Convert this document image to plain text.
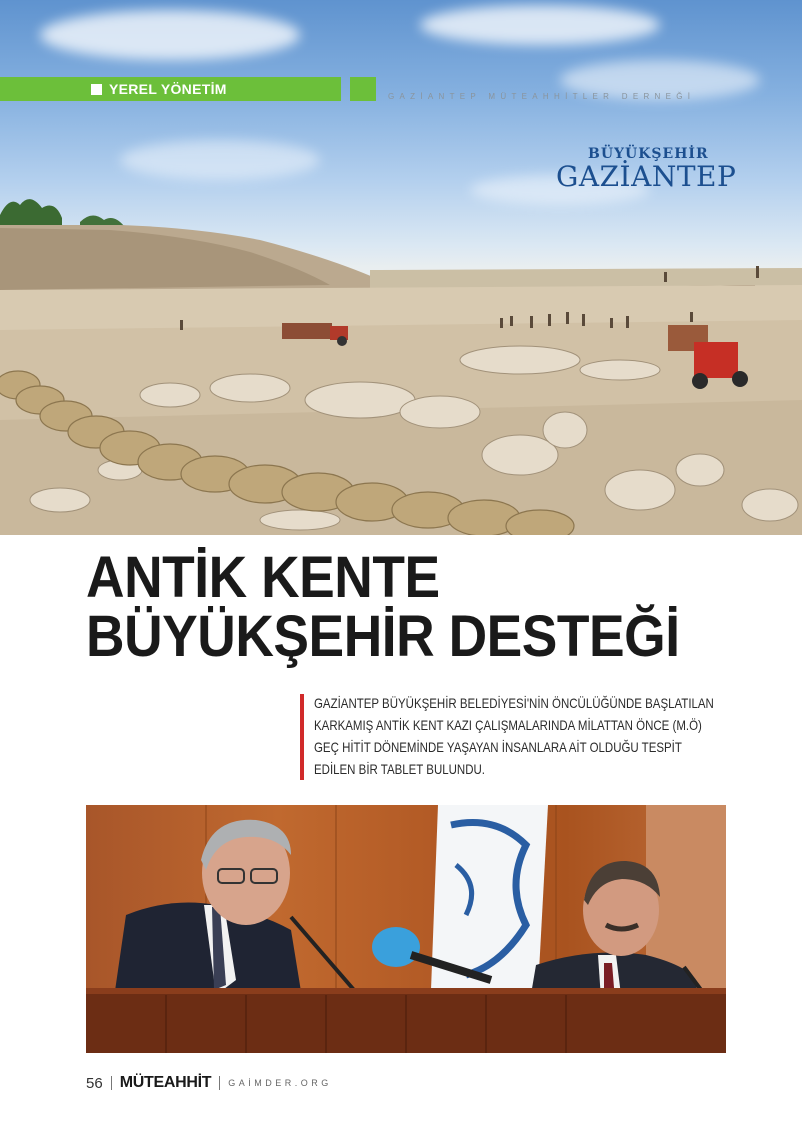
YEREL YÖNETİM	GAZİANTEP MÜTEAHHİTLER DERNEĞİ
BÜYÜKŞEHİR
GAZİANTEP
ANTİK KENTE
BÜYÜKŞEHİR DESTEĞİ

GAZİANTEP BÜYÜKŞEHİR BELEDİYESİ'NİN ÖNCÜLÜĞÜNDE BAŞLATILAN KARKAMIŞ ANTİK KENT KAZI ÇALIŞMALARINDA MİLATTAN ÖNCE (M.Ö) GEÇ HİTİT DÖNEMİNDE YAŞAYAN İNSANLARA AİT OLDUĞU TESPİT EDİLEN BİR TABLET BULUNDU.

56 MÜTEAHHİT GAİMDER.ORG
